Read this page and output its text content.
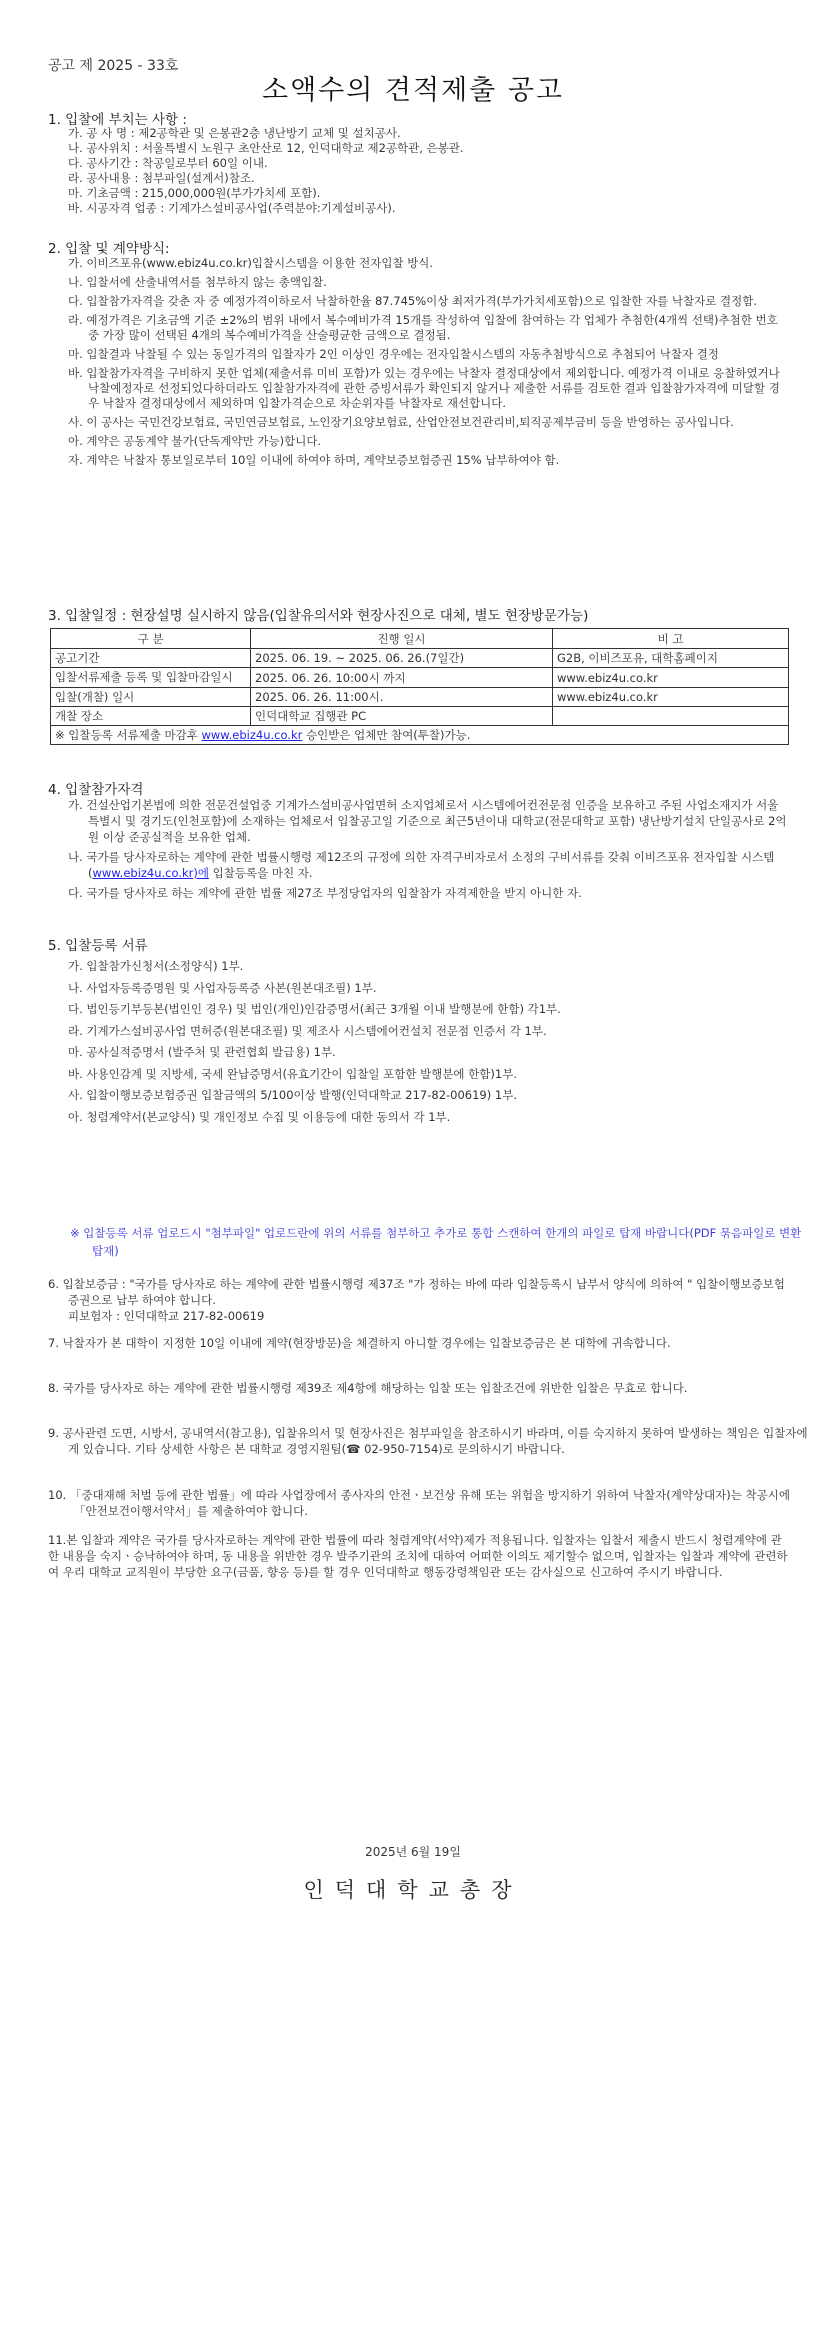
공고 제 2025 - 33호
소액수의 견적제출 공고
1. 입찰에 부치는 사항 :
가. 공 사 명 : 제2공학관 및 은봉관2층 냉난방기 교체 및 설치공사.
나. 공사위치 : 서울특별시 노원구 초안산로 12, 인덕대학교 제2공학관, 은봉관.
다. 공사기간 : 착공일로부터 60일 이내.
라. 공사내용 : 첨부파일(설계서)참조.
마. 기초금액 : 215,000,000원(부가가치세 포함).
바. 시공자격 업종 : 기계가스설비공사업(주력분야:기계설비공사).
2. 입찰 및 계약방식:
가. 이비즈포유(www.ebiz4u.co.kr)입찰시스템을 이용한 전자입찰 방식.
나. 입찰서에 산출내역서를 첨부하지 않는 총액입찰.
다. 입찰참가자격을 갖춘 자 중 예정가격이하로서 낙찰하한율 87.745%이상 최저가격(부가가치세포함)으로 입찰한 자를 낙찰자로 결정함.
라. 예정가격은 기초금액 기준 ±2%의 범위 내에서 복수예비가격 15개를 작성하여 입찰에 참여하는 각 업체가 추첨한(4개씩 선택)추첨한 번호중 가장 많이 선택된 4개의 복수예비가격을 산술평균한 금액으로 결정됨.
마. 입찰결과 낙찰될 수 있는 동일가격의 입찰자가 2인 이상인 경우에는 전자입찰시스템의 자동추첨방식으로 추첨되어 낙찰자 결정
바. 입찰참가자격을 구비하지 못한 업체(제출서류 미비 포함)가 있는 경우에는 낙찰자 결정대상에서 제외합니다. 예정가격 이내로 응찰하였거나 낙찰예정자로 선정되었다하더라도 입찰참가자격에 관한 증빙서류가 확인되지 않거나 제출한 서류를 검토한 결과 입찰참가자격에 미달할 경우 낙찰자 결정대상에서 제외하며 입찰가격순으로 차순위자를 낙찰자로 재선합니다.
사. 이 공사는 국민건강보험료, 국민연금보험료, 노인장기요양보험료, 산업안전보건관리비,퇴직공제부금비 등을 반영하는 공사입니다.
아. 계약은 공동계약 불가(단독계약만 가능)합니다.
자. 계약은 낙찰자 통보일로부터 10일 이내에 하여야 하며, 계약보증보험증권 15% 납부하여야 함.
3. 입찰일정 : 현장설명 실시하지 않음(입찰유의서와 현장사진으로 대체, 별도 현장방문가능)
구 분	진행 일시	비 고
공고기간	2025. 06. 19. ~ 2025. 06. 26.(7일간)	G2B, 이비즈포유, 대학홈페이지
입찰서류제출 등록 및 입찰마감일시	2025. 06. 26. 10:00시 까지	www.ebiz4u.co.kr
입찰(개찰) 일시	2025. 06. 26. 11:00시.	www.ebiz4u.co.kr
개찰 장소	인덕대학교 집행관 PC	
※ 입찰등록 서류제출 마감후 www.ebiz4u.co.kr 승인받은 업체만 참여(투찰)가능.		
4. 입찰참가자격
가. 건설산업기본법에 의한 전문건설업중 기계가스설비공사업면허 소지업체로서 시스템에어컨전문점 인증을 보유하고 주된 사업소재지가 서울특별시 및 경기도(인천포함)에 소재하는 업체로서 입찰공고일 기준으로 최근5년이내 대학교(전문대학교 포함) 냉난방기설치 단일공사로 2억원 이상 준공실적을 보유한 업체.
나. 국가를 당사자로하는 계약에 관한 법률시행령 제12조의 규정에 의한 자격구비자로서 소정의 구비서류를 갖춰 이비즈포유 전자입찰 시스템(www.ebiz4u.co.kr)에 입찰등록을 마친 자.
다. 국가를 당사자로 하는 계약에 관한 법률 제27조 부정당업자의 입찰참가 자격제한을 받지 아니한 자.
5. 입찰등록 서류
가. 입찰참가신청서(소정양식) 1부.
나. 사업자등록증명원 및 사업자등록증 사본(원본대조필) 1부.
다. 법인등기부등본(법인인 경우) 및 법인(개인)인감증명서(최근 3개월 이내 발행분에 한함) 각1부.
라. 기계가스설비공사업 면허증(원본대조필) 및 제조사 시스템에어컨설치 전문점 인증서 각 1부.
마. 공사실적증명서 (발주처 및 관련협회 발급용) 1부.
바. 사용인감계 및 지방세, 국세 완납증명서(유효기간이 입찰일 포함한 발행분에 한함)1부.
사. 입찰이행보증보험증권 입찰금액의 5/100이상 발행(인덕대학교 217-82-00619) 1부.
아. 청렴계약서(본교양식) 및 개인정보 수집 및 이용등에 대한 동의서 각 1부.
※ 입찰등록 서류 업로드시 "첨부파일" 업로드란에 위의 서류를 첨부하고 추가로 통합 스캔하여 한개의 파일로 탑재 바랍니다(PDF 묶음파일로 변환 탑재)
6. 입찰보증금 : "국가를 당사자로 하는 계약에 관한 법률시행령 제37조 "가 정하는 바에 따라 입찰등록시 납부서 양식에 의하여 " 입찰이행보증보험증권으로 납부 하여야 합니다.
피보험자 : 인덕대학교 217-82-00619
7. 낙찰자가 본 대학이 지정한 10일 이내에 계약(현장방문)을 체결하지 아니할 경우에는 입찰보증금은 본 대학에 귀속합니다.
8. 국가를 당사자로 하는 계약에 관한 법률시행령 제39조 제4항에 해당하는 입찰 또는 입찰조건에 위반한 입찰은 무효로 합니다.
9. 공사관련 도면, 시방서, 공내역서(참고용), 입찰유의서 및 현장사진은 첨부파일을 참조하시기 바라며, 이를 숙지하지 못하여 발생하는 책임은 입찰자에게 있습니다. 기타 상세한 사항은 본 대학교 경영지원팀(☎ 02-950-7154)로 문의하시기 바랍니다.
10. 「중대재해 처벌 등에 관한 법률」에 따라 사업장에서 종사자의 안전ㆍ보건상 유해 또는 위험을 방지하기 위하여 낙찰자(계약상대자)는 착공시에 「안전보건이행서약서」를 제출하여야 합니다.
11.본 입찰과 계약은 국가를 당사자로하는 계약에 관한 법률에 따라 청렴계약(서약)제가 적용됩니다. 입찰자는 입찰서 제출시 반드시 청렴계약에 관한 내용을 숙지ㆍ승낙하여야 하며, 동 내용을 위반한 경우 발주기관의 조치에 대하여 어떠한 이의도 제기할수 없으며, 입찰자는 입찰과 계약에 관련하여 우리 대학교 교직원이 부당한 요구(금품, 향응 등)를 할 경우 인덕대학교 행동강령책임관 또는 감사실으로 신고하여 주시기 바랍니다.
2025년 6월 19일
인덕대학교총장
